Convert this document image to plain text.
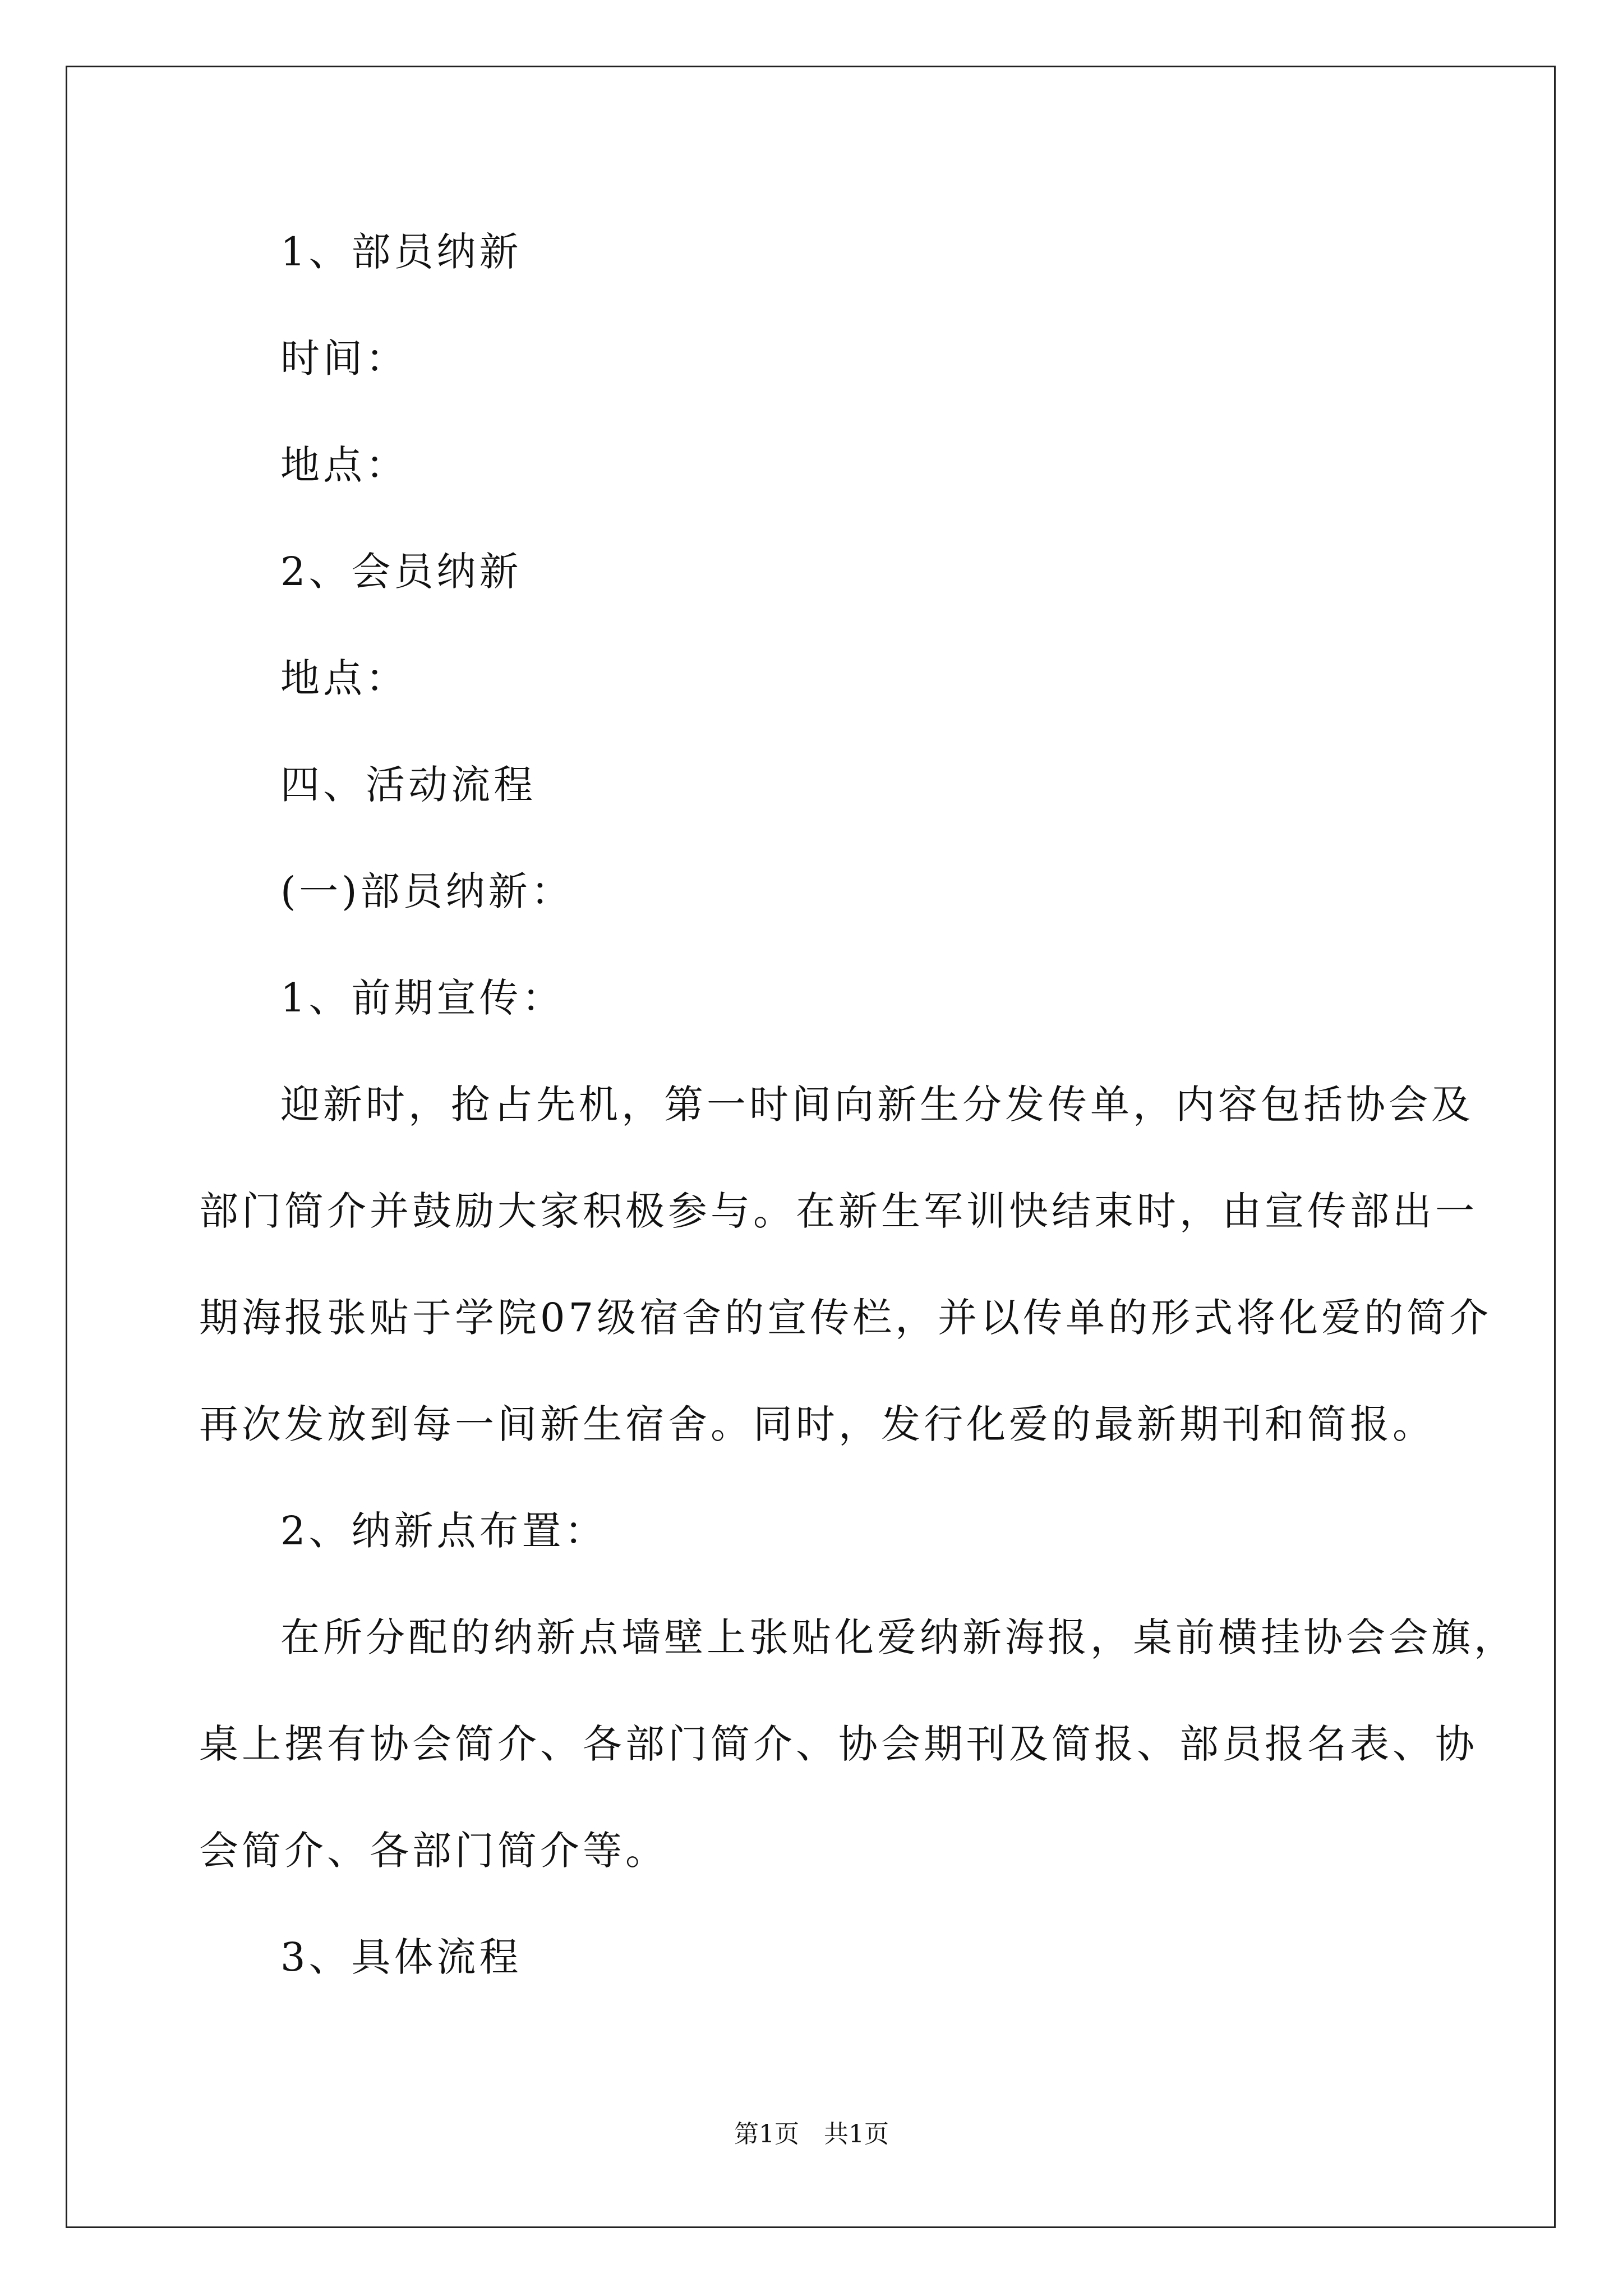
1、部员纳新
时间：
地点：
2、会员纳新
地点：
四、活动流程
(一)部员纳新：
1、前期宣传：
迎新时，抢占先机，第一时间向新生分发传单，内容包括协会及
部门简介并鼓励大家积极参与。在新生军训快结束时，由宣传部出一
期海报张贴于学院07级宿舍的宣传栏，并以传单的形式将化爱的简介
再次发放到每一间新生宿舍。同时，发行化爱的最新期刊和简报。
2、纳新点布置：
在所分配的纳新点墙壁上张贴化爱纳新海报，桌前横挂协会会旗，
桌上摆有协会简介、各部门简介、协会期刊及简报、部员报名表、协
会简介、各部门简介等。
3、具体流程
第1页 共1页
